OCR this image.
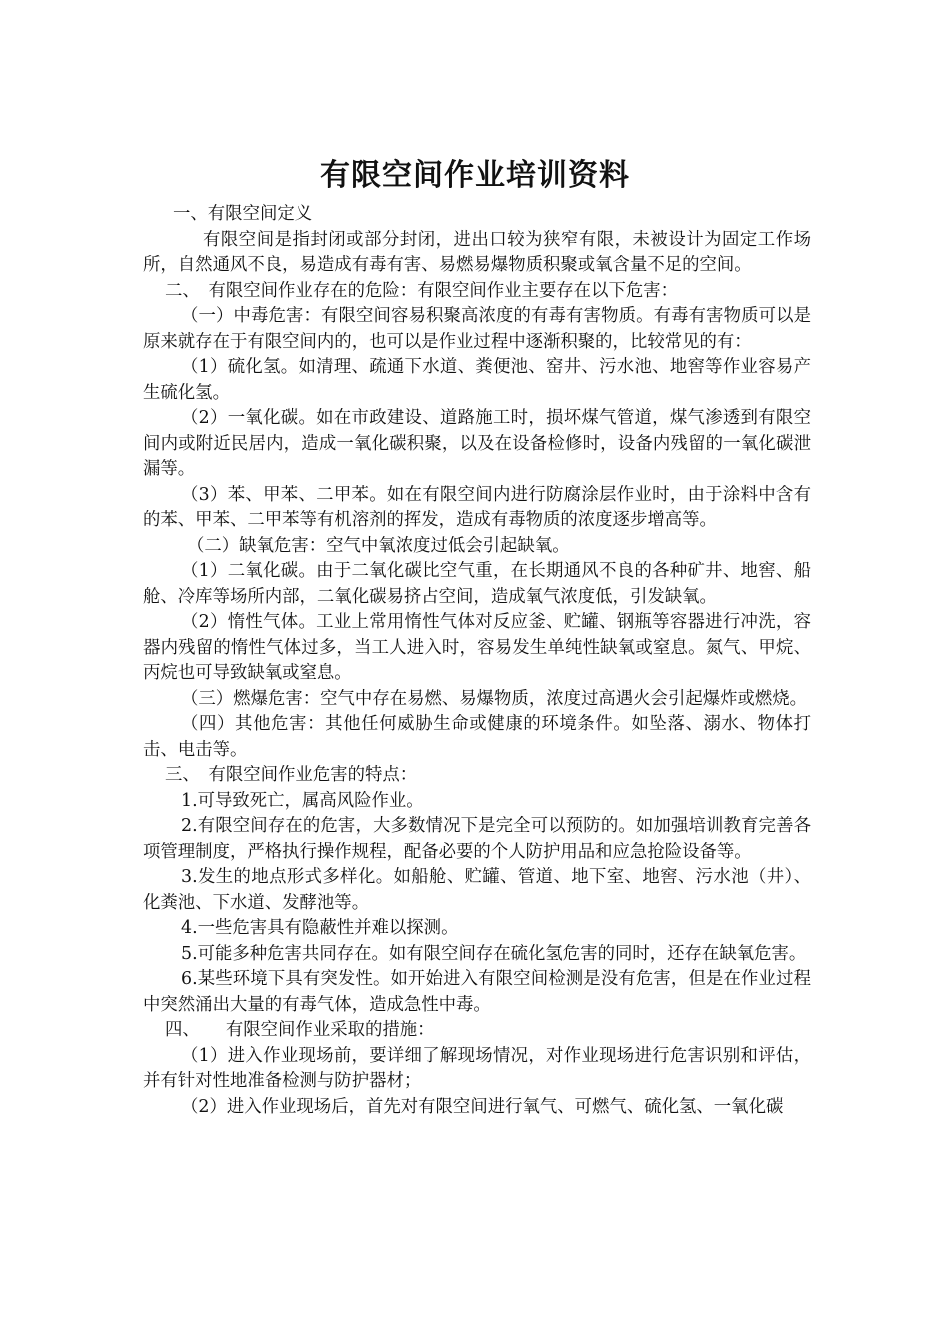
有限空间作业培训资料

一、有限空间定义

有限空间是指封闭或部分封闭，进出口较为狭窄有限，未被设计为固定工作场所，自然通风不良，易造成有毒有害、易燃易爆物质积聚或氧含量不足的空间。

二、　有限空间作业存在的危险：有限空间作业主要存在以下危害：

（一）中毒危害：有限空间容易积聚高浓度的有毒有害物质。有毒有害物质可以是原来就存在于有限空间内的，也可以是作业过程中逐渐积聚的，比较常见的有：

（1）硫化氢。如清理、疏通下水道、粪便池、窑井、污水池、地窖等作业容易产生硫化氢。

（2）一氧化碳。如在市政建设、道路施工时，损坏煤气管道，煤气渗透到有限空间内或附近民居内，造成一氧化碳积聚，以及在设备检修时，设备内残留的一氧化碳泄漏等。

（3）苯、甲苯、二甲苯。如在有限空间内进行防腐涂层作业时，由于涂料中含有的苯、甲苯、二甲苯等有机溶剂的挥发，造成有毒物质的浓度逐步增高等。

（二）缺氧危害：空气中氧浓度过低会引起缺氧。

（1）二氧化碳。由于二氧化碳比空气重，在长期通风不良的各种矿井、地窖、船舱、冷库等场所内部，二氧化碳易挤占空间，造成氧气浓度低，引发缺氧。

（2）惰性气体。工业上常用惰性气体对反应釜、贮罐、钢瓶等容器进行冲洗，容器内残留的惰性气体过多，当工人进入时，容易发生单纯性缺氧或窒息。氮气、甲烷、丙烷也可导致缺氧或窒息。

（三）燃爆危害：空气中存在易燃、易爆物质，浓度过高遇火会引起爆炸或燃烧。

（四）其他危害：其他任何威胁生命或健康的环境条件。如坠落、溺水、物体打击、电击等。

三、　有限空间作业危害的特点：

1.可导致死亡，属高风险作业。

2.有限空间存在的危害，大多数情况下是完全可以预防的。如加强培训教育完善各项管理制度，严格执行操作规程，配备必要的个人防护用品和应急抢险设备等。

3.发生的地点形式多样化。如船舱、贮罐、管道、地下室、地窖、污水池（井）、化粪池、下水道、发酵池等。

4.一些危害具有隐蔽性并难以探测。

5.可能多种危害共同存在。如有限空间存在硫化氢危害的同时，还存在缺氧危害。

6.某些环境下具有突发性。如开始进入有限空间检测是没有危害，但是在作业过程中突然涌出大量的有毒气体，造成急性中毒。

四、　　有限空间作业采取的措施：

（1）进入作业现场前，要详细了解现场情况，对作业现场进行危害识别和评估，并有针对性地准备检测与防护器材；

（2）进入作业现场后，首先对有限空间进行氧气、可燃气、硫化氢、一氧化碳
